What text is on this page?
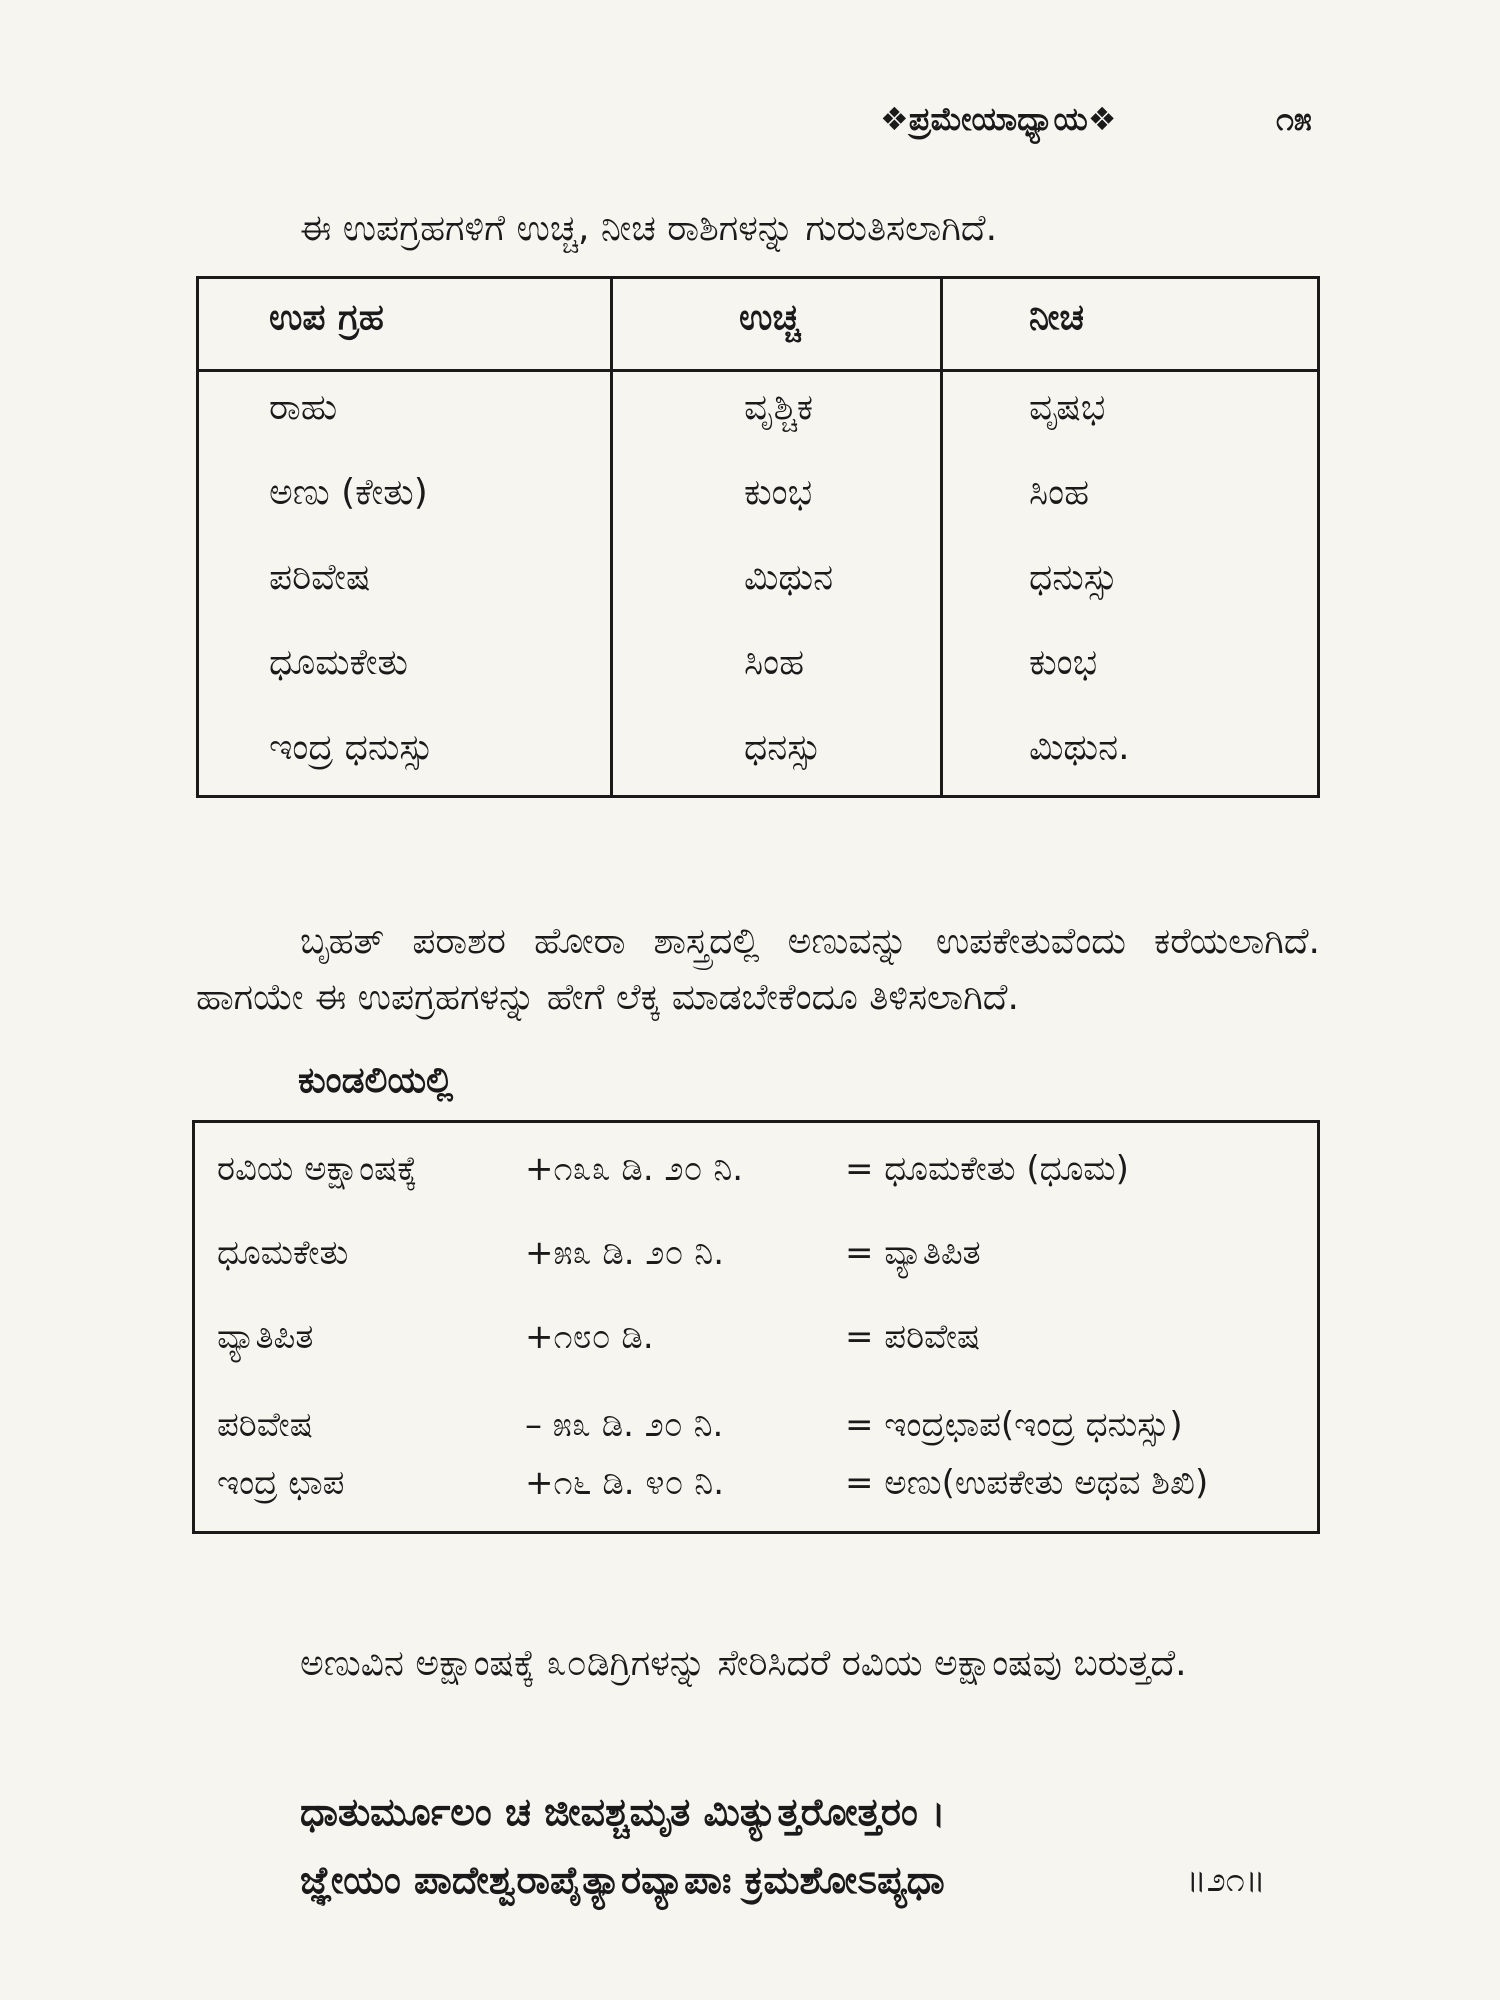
❖ಪ್ರಮೇಯಾಧ್ಯಾಯ❖	೧೫
ಈ ಉಪಗ್ರಹಗಳಿಗೆ ಉಚ್ಚ, ನೀಚ ರಾಶಿಗಳನ್ನು ಗುರುತಿಸಲಾಗಿದೆ.
ಉಪ ಗ್ರಹ	ಉಚ್ಚ	ನೀಚ
ರಾಹು	ವೃಶ್ಚಿಕ	ವೃಷಭ
ಅಣು (ಕೇತು)	ಕುಂಭ	ಸಿಂಹ
ಪರಿವೇಷ	ಮಿಥುನ	ಧನುಸ್ಸು
ಧೂಮಕೇತು	ಸಿಂಹ	ಕುಂಭ
ಇಂದ್ರ ಧನುಸ್ಸು	ಧನಸ್ಸು	ಮಿಥುನ.

ಬೃಹತ್ ಪರಾಶರ ಹೋರಾ ಶಾಸ್ತ್ರದಲ್ಲಿ ಅಣುವನ್ನು ಉಪಕೇತುವೆಂದು ಕರೆಯಲಾಗಿದೆ. ಹಾಗಯೇ ಈ ಉಪಗ್ರಹಗಳನ್ನು ಹೇಗೆ ಲೆಕ್ಕ ಮಾಡಬೇಕೆಂದೂ ತಿಳಿಸಲಾಗಿದೆ.

ಕುಂಡಲಿಯಲ್ಲಿ
ರವಿಯ ಅಕ್ಷಾಂಷಕ್ಕೆ	+೧೩೩ ಡಿ. ೨೦ ನಿ.	= ಧೂಮಕೇತು (ಧೂಮ)
ಧೂಮಕೇತು	+೫೩ ಡಿ. ೨೦ ನಿ.	= ವ್ಯಾತಿಪಿತ
ವ್ಯಾತಿಪಿತ	+೧೮೦ ಡಿ.	= ಪರಿವೇಷ
ಪರಿವೇಷ	– ೫೩ ಡಿ. ೨೦ ನಿ.	= ಇಂದ್ರಛಾಪ(ಇಂದ್ರ ಧನುಸ್ಸು)
ಇಂದ್ರ ಛಾಪ	+೧೬ ಡಿ. ೪೦ ನಿ.	= ಅಣು(ಉಪಕೇತು ಅಥವ ಶಿಖಿ)

ಅಣುವಿನ ಅಕ್ಷಾಂಷಕ್ಕೆ ೩೦ಡಿಗ್ರಿಗಳನ್ನು ಸೇರಿಸಿದರೆ ರವಿಯ ಅಕ್ಷಾಂಷವು ಬರುತ್ತದೆ.

ಧಾತುರ್ಮೂಲಂ ಚ ಜೀವಶ್ಚಮೃತ ಮಿತ್ಯುತ್ತರೋತ್ತರಂ ।
ಜ್ಞೇಯಂ ಪಾದೇಶ್ವರಾಪೈತ್ಯಾರವ್ಯಾಪಾಃ ಕ್ರಮಶೋಽಪ್ಯಧಾ	॥೨೧॥
